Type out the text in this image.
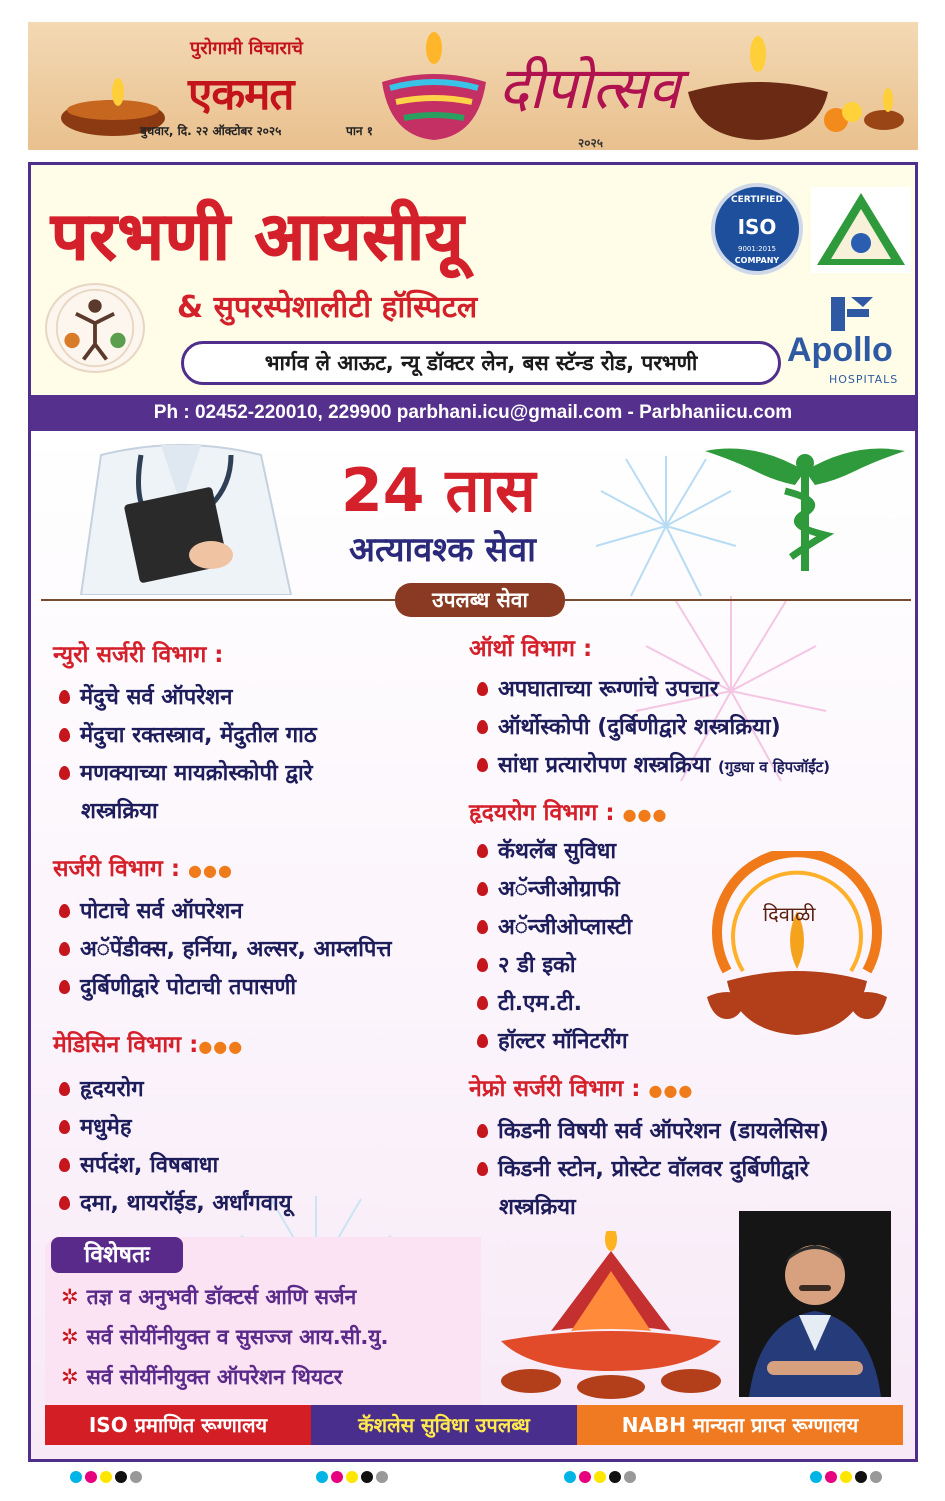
पुरोगामी विचाराचे
एकमत
बुधवार, दि. २२ ऑक्टोबर २०२५	पान १
दीपोत्सव
२०२५
परभणी आयसीयू
& सुपरस्पेशालीटी हॉस्पिटल
भार्गव ले आऊट, न्यू डॉक्टर लेन, बस स्टॅन्ड रोड, परभणी
CERTIFIED
ISO
9001:2015
COMPANY
Apollo
HOSPITALS
Ph : 02452-220010, 229900 parbhani.icu@gmail.com - Parbhaniicu.com
24 तास
अत्यावश्क सेवा
उपलब्ध सेवा
न्युरो सर्जरी विभाग :
मेंदुचे सर्व ऑपरेशन
मेंदुचा रक्तस्त्राव, मेंदुतील गाठ
मणक्याच्या मायक्रोस्कोपी द्वारे
शस्त्रक्रिया
सर्जरी विभाग : ●●●
पोटाचे सर्व ऑपरेशन
अॅपेंडीक्स, हर्निया, अल्सर, आम्लपित्त
दुर्बिणीद्वारे पोटाची तपासणी
मेडिसिन विभाग :●●●
हृदयरोग
मधुमेह
सर्पदंश, विषबाधा
दमा, थायरॉईड, अर्धांगवायू
ऑर्थो विभाग :
अपघाताच्या रूग्णांचे उपचार
ऑर्थोस्कोपी (दुर्बिणीद्वारे शस्त्रक्रिया)
सांधा प्रत्यारोपण शस्त्रक्रिया (गुडघा व हिपजॉईंट)
हृदयरोग विभाग : ●●●
कॅथलॅब सुविधा
अॅन्जीओग्राफी
अॅन्जीओप्लास्टी
२ डी इको
टी.एम.टी.
हॉल्टर मॉनिटरींग
दिवाळी
नेफ्रो सर्जरी विभाग : ●●●
किडनी विषयी सर्व ऑपरेशन (डायलेसिस)
किडनी स्टोन, प्रोस्टेट वॉलवर दुर्बिणीद्वारे
शस्त्रक्रिया
विशेषतः
✲ तज्ञ व अनुभवी डॉक्टर्स आणि सर्जन
✲ सर्व सोयींनीयुक्त व सुसज्ज आय.सी.यु.
✲ सर्व सोयींनीयुक्त ऑपरेशन थियटर
ISO प्रमाणित रूग्णालय	कॅशलेस सुविधा उपलब्ध	NABH मान्यता प्राप्त रूग्णालय
